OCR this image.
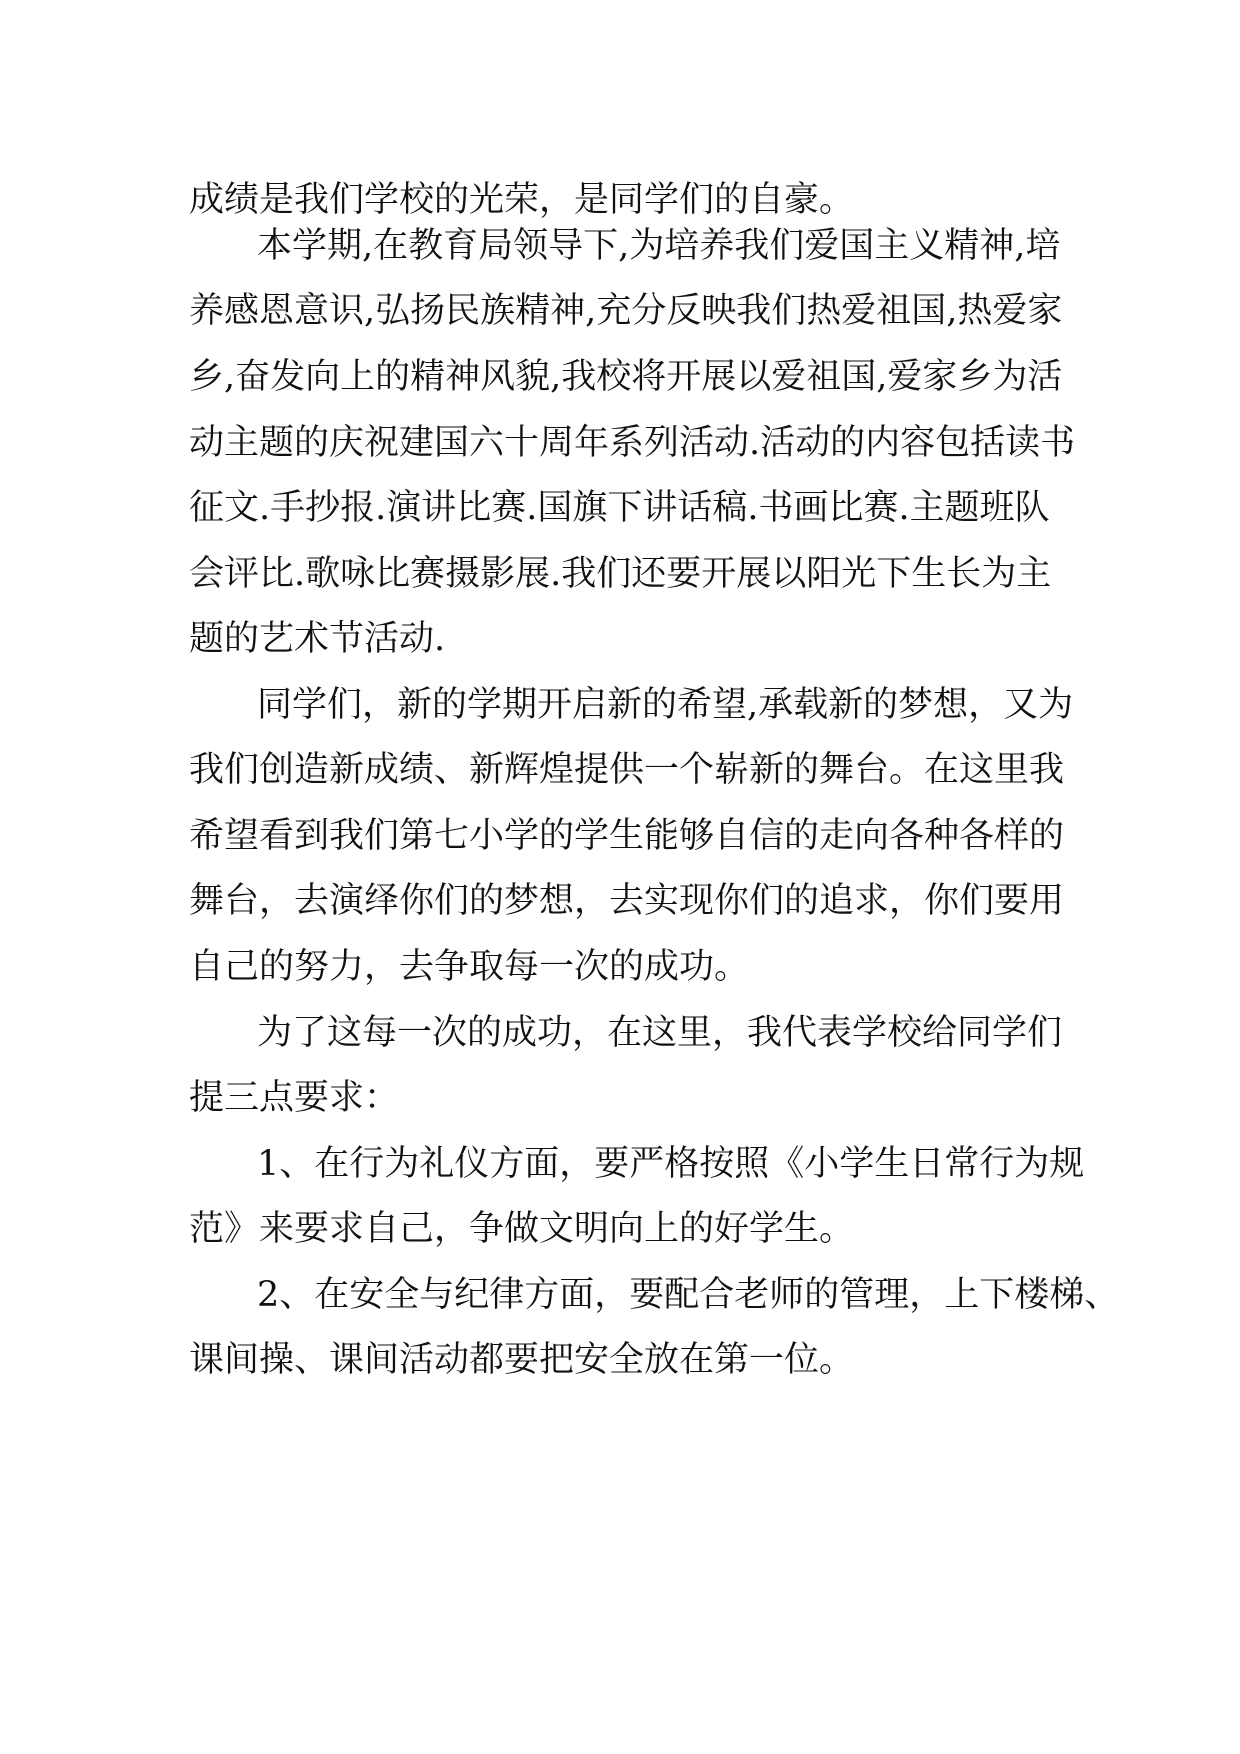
成绩是我们学校的光荣，是同学们的自豪。

本学期,在教育局领导下,为培养我们爱国主义精神,培

养感恩意识,弘扬民族精神,充分反映我们热爱祖国,热爱家

乡,奋发向上的精神风貌,我校将开展以爱祖国,爱家乡为活

动主题的庆祝建国六十周年系列活动.活动的内容包括读书

征文.手抄报.演讲比赛.国旗下讲话稿.书画比赛.主题班队

会评比.歌咏比赛摄影展.我们还要开展以阳光下生长为主

题的艺术节活动.

同学们，新的学期开启新的希望,承载新的梦想，又为

我们创造新成绩、新辉煌提供一个崭新的舞台。在这里我

希望看到我们第七小学的学生能够自信的走向各种各样的

舞台，去演绎你们的梦想，去实现你们的追求，你们要用

自己的努力，去争取每一次的成功。

为了这每一次的成功，在这里，我代表学校给同学们

提三点要求：

1、在行为礼仪方面，要严格按照《小学生日常行为规

范》来要求自己，争做文明向上的好学生。

2、在安全与纪律方面，要配合老师的管理，上下楼梯、

课间操、课间活动都要把安全放在第一位。
